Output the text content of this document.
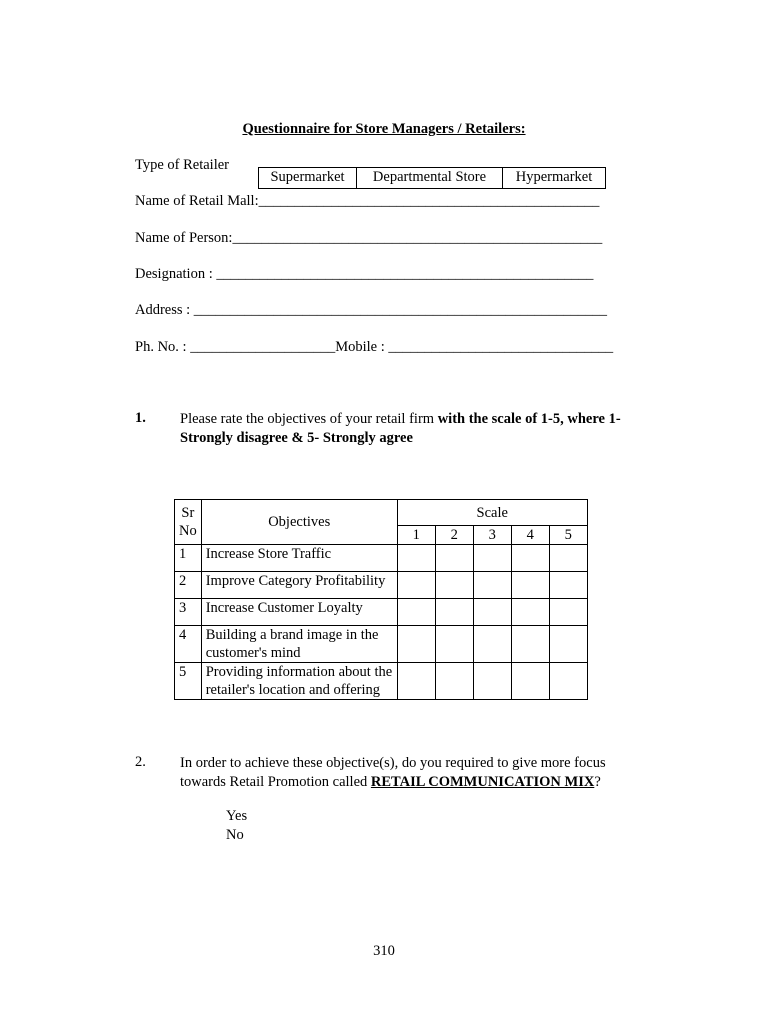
Questionnaire for Store Managers / Retailers:
Type of Retailer
Supermarket	Departmental Store	Hypermarket
Name of Retail Mall:_______________________________________________
Name of Person:___________________________________________________
Designation : ____________________________________________________
Address : _________________________________________________________
Ph. No. : ____________________Mobile : _______________________________
1. Please rate the objectives of your retail firm with the scale of 1-5, where 1- Strongly disagree & 5- Strongly agree
Sr No	Objectives	Scale				
		1	2	3	4	5
1	Increase Store Traffic					
2	Improve Category Profitability					
3	Increase Customer Loyalty					
4	Building a brand image in the customer's mind					
5	Providing information about the retailer's location and offering					
2. In order to achieve these objective(s), do you required to give more focus towards Retail Promotion called RETAIL COMMUNICATION MIX?
Yes
No
310
